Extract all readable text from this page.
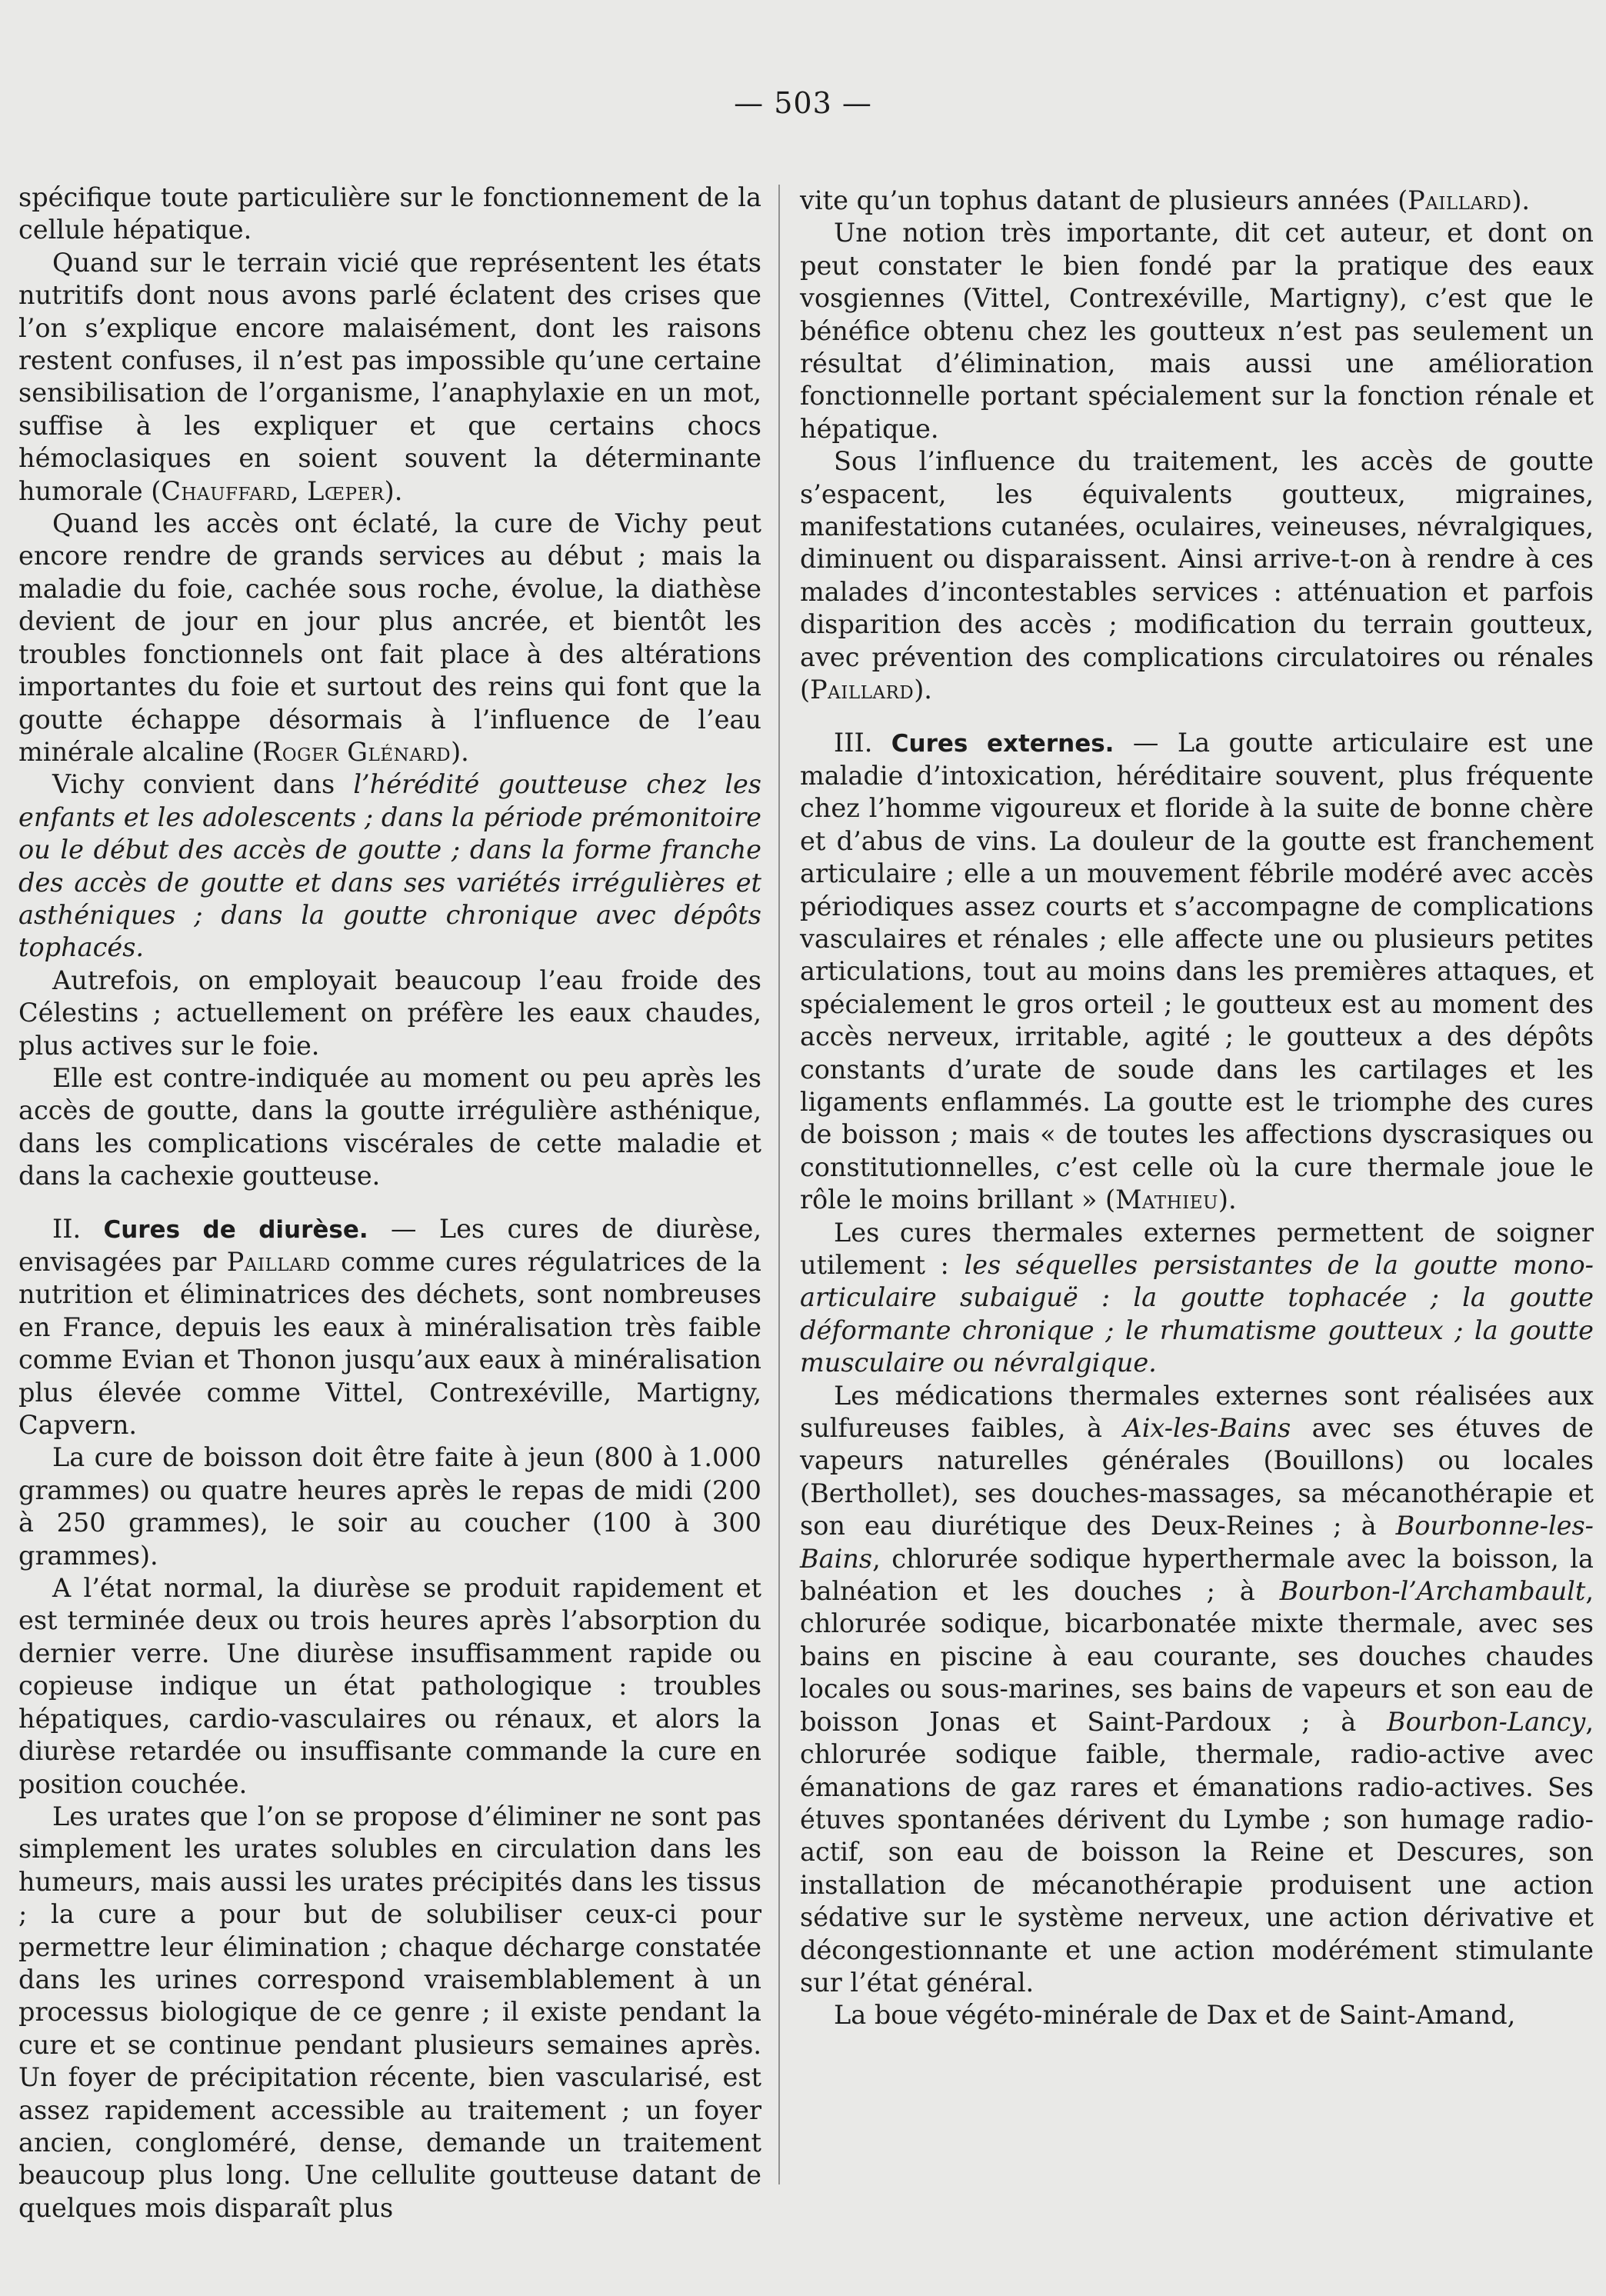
— 503 —

spécifique toute particulière sur le fonctionnement de la cellule hépatique.

Quand sur le terrain vicié que représentent les états nutritifs dont nous avons parlé éclatent des crises que l’on s’explique encore malaisément, dont les raisons restent confuses, il n’est pas impossible qu’une certaine sensibilisation de l’organisme, l’anaphylaxie en un mot, suffise à les expliquer et que certains chocs hémoclasiques en soient souvent la déterminante humorale (Chauffard, Lœper).

Quand les accès ont éclaté, la cure de Vichy peut encore rendre de grands services au début ; mais la maladie du foie, cachée sous roche, évolue, la diathèse devient de jour en jour plus ancrée, et bientôt les troubles fonctionnels ont fait place à des altérations importantes du foie et surtout des reins qui font que la goutte échappe désormais à l’influence de l’eau minérale alcaline (Roger Glénard).

Vichy convient dans l’hérédité goutteuse chez les enfants et les adolescents ; dans la période prémonitoire ou le début des accès de goutte ; dans la forme franche des accès de goutte et dans ses variétés irrégulières et asthéniques ; dans la goutte chronique avec dépôts tophacés.

Autrefois, on employait beaucoup l’eau froide des Célestins ; actuellement on préfère les eaux chaudes, plus actives sur le foie.

Elle est contre-indiquée au moment ou peu après les accès de goutte, dans la goutte irrégulière asthénique, dans les complications viscérales de cette maladie et dans la cachexie goutteuse.

II. Cures de diurèse. — Les cures de diurèse, envisagées par Paillard comme cures régulatrices de la nutrition et éliminatrices des déchets, sont nombreuses en France, depuis les eaux à minéralisation très faible comme Evian et Thonon jusqu’aux eaux à minéralisation plus élevée comme Vittel, Contrexéville, Martigny, Capvern.

La cure de boisson doit être faite à jeun (800 à 1.000 grammes) ou quatre heures après le repas de midi (200 à 250 grammes), le soir au coucher (100 à 300 grammes).

A l’état normal, la diurèse se produit rapidement et est terminée deux ou trois heures après l’absorption du dernier verre. Une diurèse insuffisamment rapide ou copieuse indique un état pathologique : troubles hépatiques, cardio-vasculaires ou rénaux, et alors la diurèse retardée ou insuffisante commande la cure en position couchée.

Les urates que l’on se propose d’éliminer ne sont pas simplement les urates solubles en circulation dans les humeurs, mais aussi les urates précipités dans les tissus ; la cure a pour but de solubiliser ceux-ci pour permettre leur élimination ; chaque décharge constatée dans les urines correspond vraisemblablement à un processus biologique de ce genre ; il existe pendant la cure et se continue pendant plusieurs semaines après. Un foyer de précipitation récente, bien vascularisé, est assez rapidement accessible au traitement ; un foyer ancien, congloméré, dense, demande un traitement beaucoup plus long. Une cellulite goutteuse datant de quelques mois disparaît plus

vite qu’un tophus datant de plusieurs années (Paillard).

Une notion très importante, dit cet auteur, et dont on peut constater le bien fondé par la pratique des eaux vosgiennes (Vittel, Contrexéville, Martigny), c’est que le bénéfice obtenu chez les goutteux n’est pas seulement un résultat d’élimination, mais aussi une amélioration fonctionnelle portant spécialement sur la fonction rénale et hépatique.

Sous l’influence du traitement, les accès de goutte s’espacent, les équivalents goutteux, migraines, manifestations cutanées, oculaires, veineuses, névralgiques, diminuent ou disparaissent. Ainsi arrive-t-on à rendre à ces malades d’incontestables services : atténuation et parfois disparition des accès ; modification du terrain goutteux, avec prévention des complications circulatoires ou rénales (Paillard).

III. Cures externes. — La goutte articulaire est une maladie d’intoxication, héréditaire souvent, plus fréquente chez l’homme vigoureux et floride à la suite de bonne chère et d’abus de vins. La douleur de la goutte est franchement articulaire ; elle a un mouvement fébrile modéré avec accès périodiques assez courts et s’accompagne de complications vasculaires et rénales ; elle affecte une ou plusieurs petites articulations, tout au moins dans les premières attaques, et spécialement le gros orteil ; le goutteux est au moment des accès nerveux, irritable, agité ; le goutteux a des dépôts constants d’urate de soude dans les cartilages et les ligaments enflammés. La goutte est le triomphe des cures de boisson ; mais « de toutes les affections dyscrasiques ou constitutionnelles, c’est celle où la cure thermale joue le rôle le moins brillant » (Mathieu).

Les cures thermales externes permettent de soigner utilement : les séquelles persistantes de la goutte mono-articulaire subaiguë : la goutte tophacée ; la goutte déformante chronique ; le rhumatisme goutteux ; la goutte musculaire ou névralgique.

Les médications thermales externes sont réalisées aux sulfureuses faibles, à Aix-les-Bains avec ses étuves de vapeurs naturelles générales (Bouillons) ou locales (Berthollet), ses douches-massages, sa mécanothérapie et son eau diurétique des Deux-Reines ; à Bourbonne-les-Bains, chlorurée sodique hyperthermale avec la boisson, la balnéation et les douches ; à Bourbon-l’Archambault, chlorurée sodique, bicarbonatée mixte thermale, avec ses bains en piscine à eau courante, ses douches chaudes locales ou sous-marines, ses bains de vapeurs et son eau de boisson Jonas et Saint-Pardoux ; à Bourbon-Lancy, chlorurée sodique faible, thermale, radio-active avec émanations de gaz rares et émanations radio-actives. Ses étuves spontanées dérivent du Lymbe ; son humage radio-actif, son eau de boisson la Reine et Descures, son installation de mécanothérapie produisent une action sédative sur le système nerveux, une action dérivative et décongestionnante et une action modérément stimulante sur l’état général.

La boue végéto-minérale de Dax et de Saint-Amand,
